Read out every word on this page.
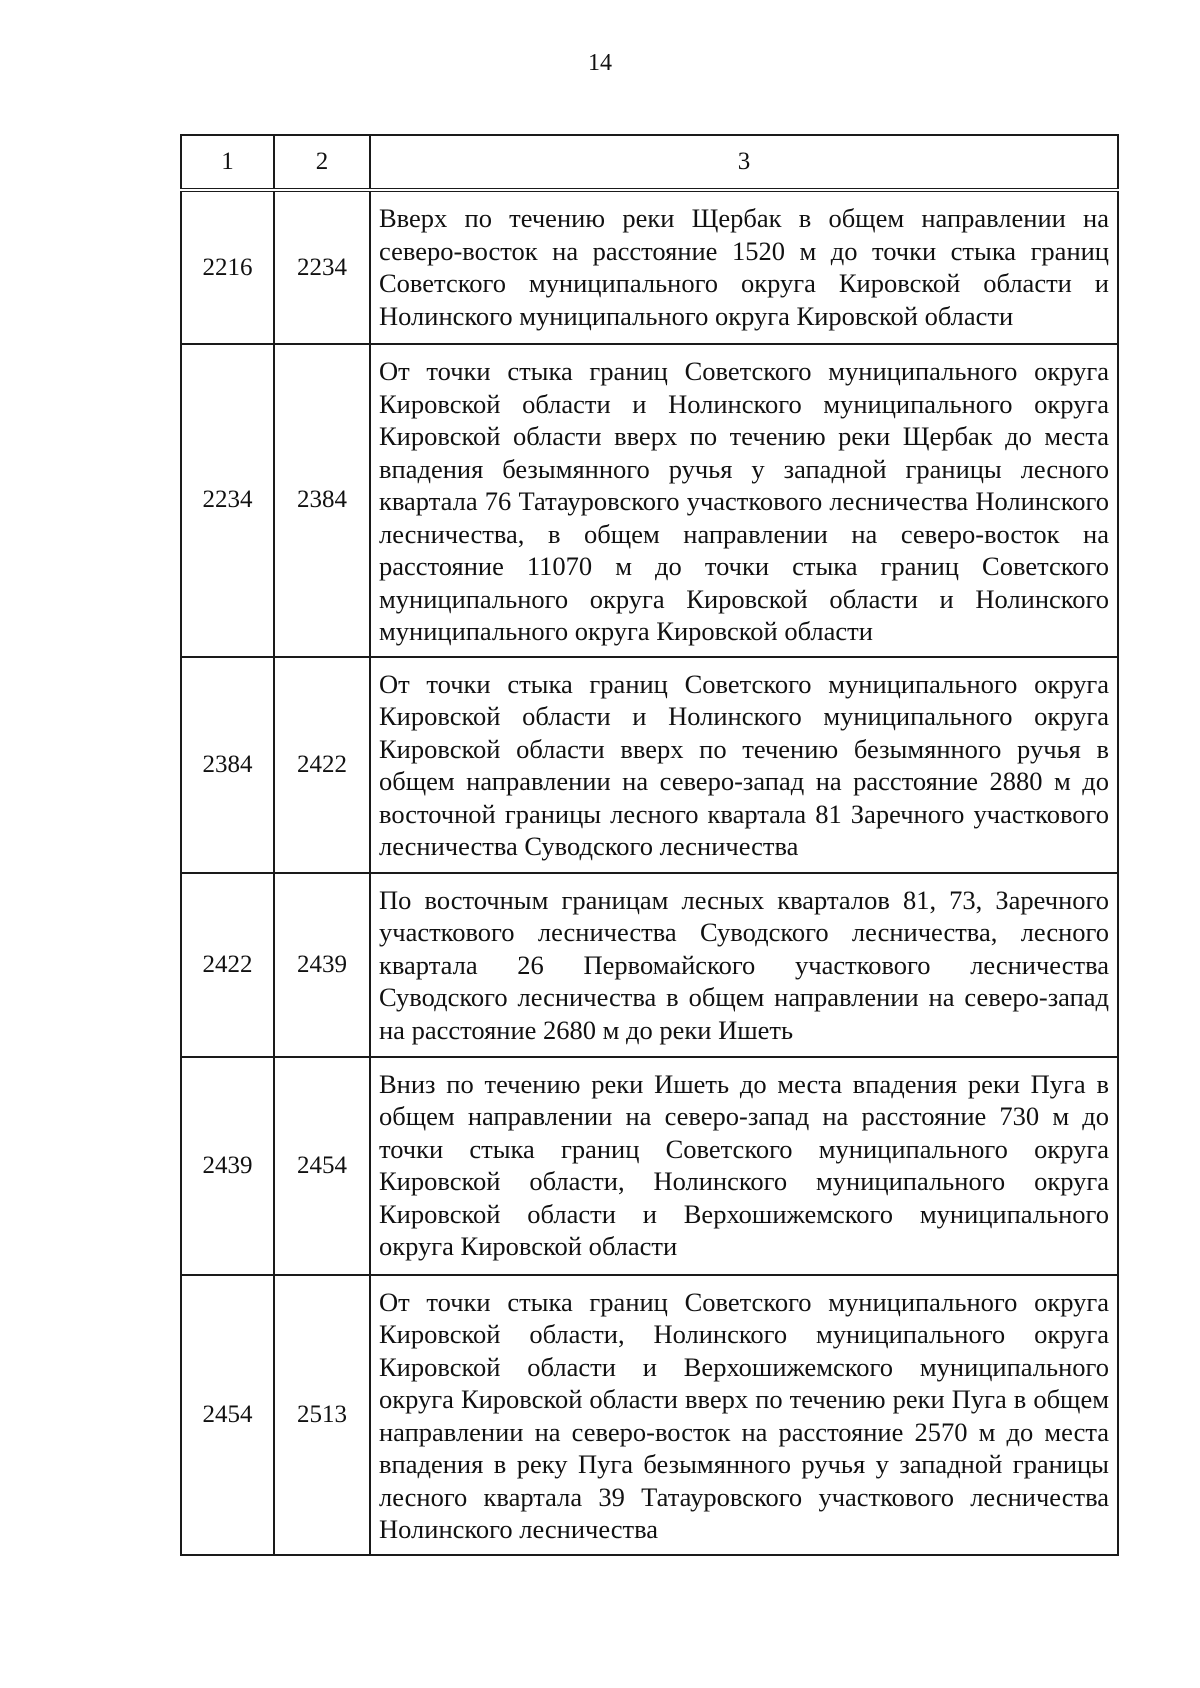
14
1	2	3
2216	2234	Вверх по течению реки Щербак в общем направлении на северо-восток на расстояние 1520 м до точки стыка границ Советского муниципального округа Кировской области и Нолинского муниципального округа Кировской области
2234	2384	От точки стыка границ Советского муниципального округа Кировской области и Нолинского муниципального округа Кировской области вверх по течению реки Щербак до места впадения безымянного ручья у западной границы лесного квартала 76 Татауровского участкового лесничества Нолинского лесничества, в общем направлении на северо-восток на расстояние 11070 м до точки стыка границ Советского муниципального округа Кировской области и Нолинского муниципального округа Кировской области
2384	2422	От точки стыка границ Советского муниципального округа Кировской области и Нолинского муниципального округа Кировской области вверх по течению безымянного ручья в общем направлении на северо-запад на расстояние 2880 м до восточной границы лесного квартала 81 Заречного участкового лесничества Суводского лесничества
2422	2439	По восточным границам лесных кварталов 81, 73, Заречного участкового лесничества Суводского лесничества, лесного квартала 26 Первомайского участкового лесничества Суводского лесничества в общем направлении на северо-запад на расстояние 2680 м до реки Ишеть
2439	2454	Вниз по течению реки Ишеть до места впадения реки Пуга в общем направлении на северо-запад на расстояние 730 м до точки стыка границ Советского муниципального округа Кировской области, Нолинского муниципального округа Кировской области и Верхошижемского муниципального округа Кировской области
2454	2513	От точки стыка границ Советского муниципального округа Кировской области, Нолинского муниципального округа Кировской области и Верхошижемского муниципального округа Кировской области вверх по течению реки Пуга в общем направлении на северо-восток на расстояние 2570 м до места впадения в реку Пуга безымянного ручья у западной границы лесного квартала 39 Татауровского участкового лесничества Нолинского лесничества
